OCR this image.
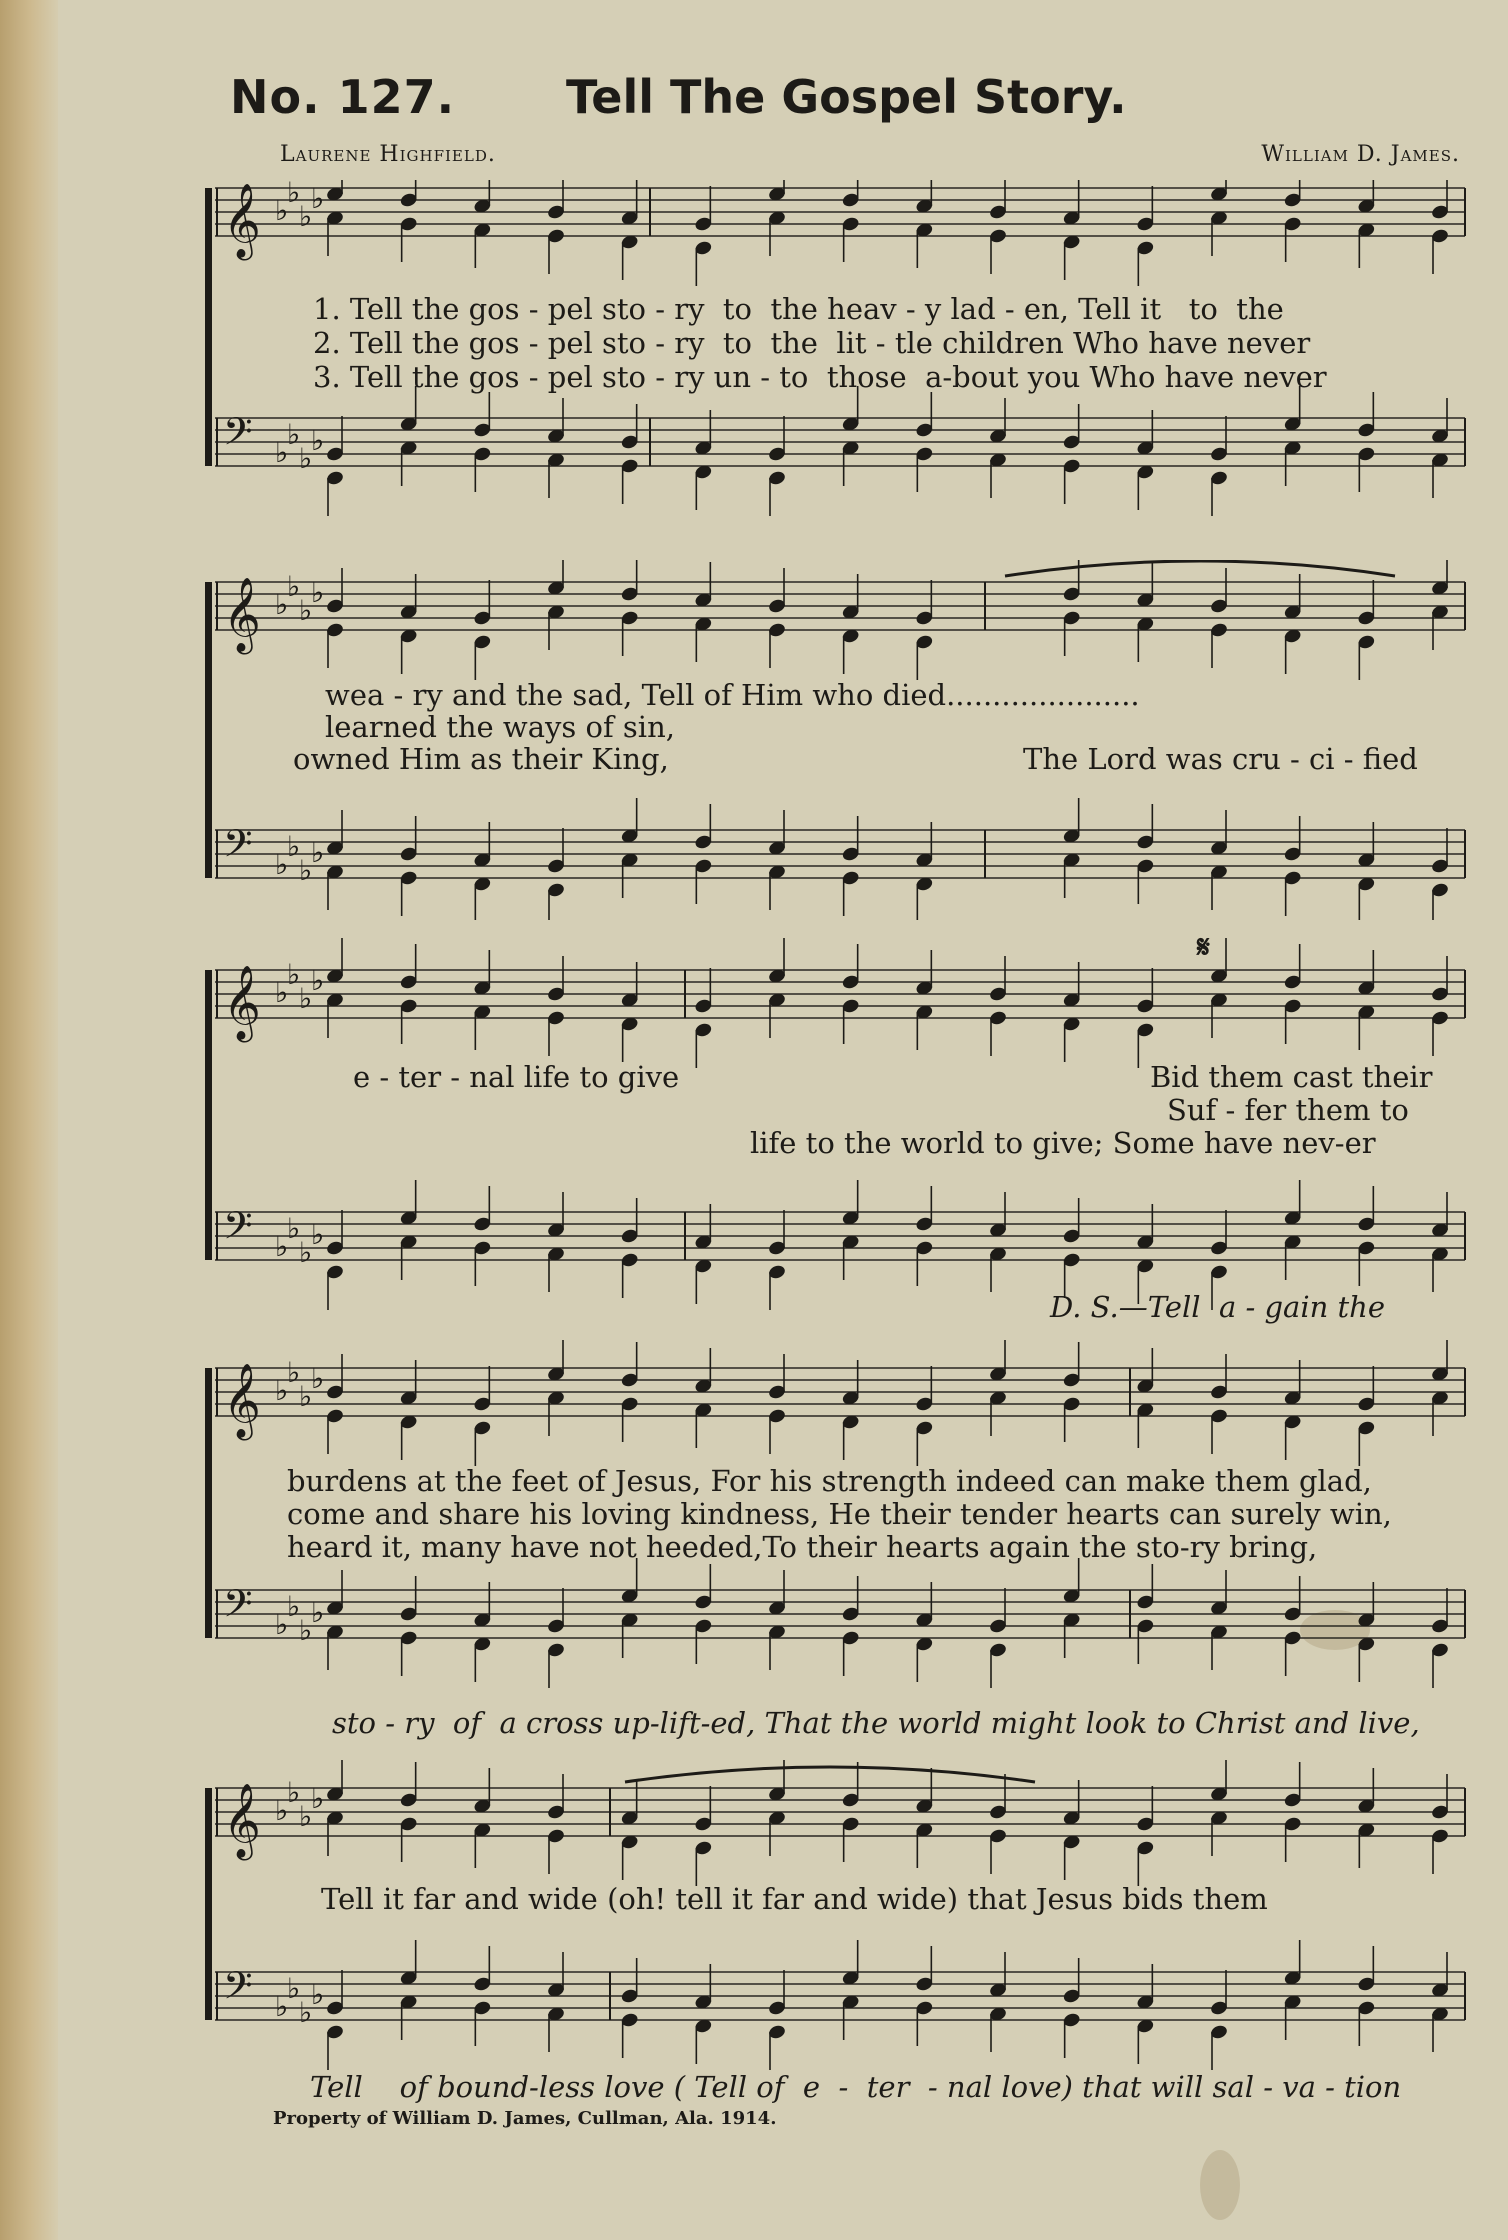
No. 127. Tell The Gospel Story.
Laurene Highfield.	William D. James.
𝄞 ♭
♭
♭
♭
𝄢 ♭
♭
♭
♭
1. Tell the gos - pel sto - ry  to  the heav - y lad - en, Tell it   to  the
2. Tell the gos - pel sto - ry  to  the  lit - tle children Who have never
3. Tell the gos - pel sto - ry un - to  those  a-bout you Who have never
𝄞 ♭
♭
♭
♭
𝄢 ♭
♭
♭
♭
wea - ry and the sad, Tell of Him who died.....................
learned the ways of sin,
owned Him as their King,	The Lord was cru - ci - fied
𝄞 ♭
♭
♭
♭
𝄢 ♭
♭
♭
♭
𝄋
e - ter - nal life to give	Bid them cast their
Suf - fer them to
life to the world to give; Some have nev-er
D. S.—Tell  a - gain the
𝄞 ♭
♭
♭
♭
𝄢 ♭
♭
♭
♭
burdens at the feet of Jesus, For his strength indeed can make them glad,
come and share his loving kindness, He their tender hearts can surely win,
heard it, many have not heeded,To their hearts again the sto-ry bring,
sto - ry  of  a cross up-lift-ed, That the world might look to Christ and live,
𝄞 ♭
♭
♭
♭
𝄢 ♭
♭
♭
♭
Tell it far and wide (oh! tell it far and wide) that Jesus bids them
Tell    of bound-less love ( Tell of  e  -  ter  - nal love) that will sal - va - tion
Property of William D. James, Cullman, Ala. 1914.
